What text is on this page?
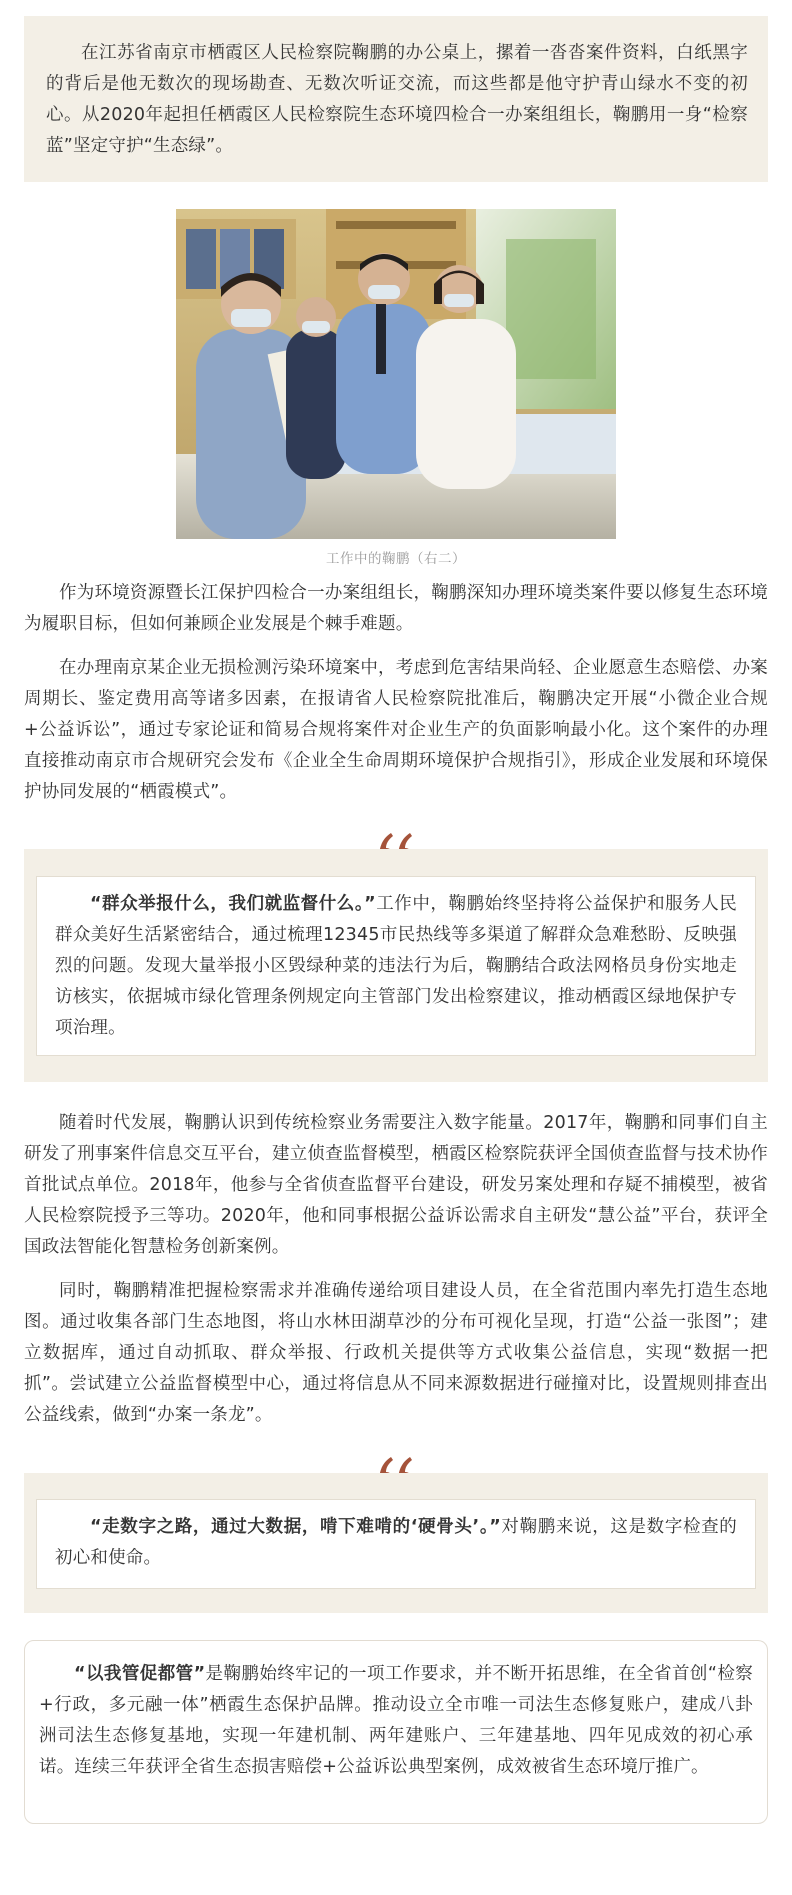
在江苏省南京市栖霞区人民检察院鞠鹏的办公桌上，摞着一沓沓案件资料，白纸黑字的背后是他无数次的现场勘查、无数次听证交流，而这些都是他守护青山绿水不变的初心。从2020年起担任栖霞区人民检察院生态环境四检合一办案组组长，鞠鹏用一身“检察蓝”坚定守护“生态绿”。

工作中的鞠鹏（右二）

作为环境资源暨长江保护四检合一办案组组长，鞠鹏深知办理环境类案件要以修复生态环境为履职目标，但如何兼顾企业发展是个棘手难题。

在办理南京某企业无损检测污染环境案中，考虑到危害结果尚轻、企业愿意生态赔偿、办案周期长、鉴定费用高等诸多因素，在报请省人民检察院批准后，鞠鹏决定开展“小微企业合规+公益诉讼”，通过专家论证和简易合规将案件对企业生产的负面影响最小化。这个案件的办理直接推动南京市合规研究会发布《企业全生命周期环境保护合规指引》，形成企业发展和环境保护协同发展的“栖霞模式”。

“群众举报什么，我们就监督什么。”工作中，鞠鹏始终坚持将公益保护和服务人民群众美好生活紧密结合，通过梳理12345市民热线等多渠道了解群众急难愁盼、反映强烈的问题。发现大量举报小区毁绿种菜的违法行为后，鞠鹏结合政法网格员身份实地走访核实，依据城市绿化管理条例规定向主管部门发出检察建议，推动栖霞区绿地保护专项治理。

随着时代发展，鞠鹏认识到传统检察业务需要注入数字能量。2017年，鞠鹏和同事们自主研发了刑事案件信息交互平台，建立侦查监督模型，栖霞区检察院获评全国侦查监督与技术协作首批试点单位。2018年，他参与全省侦查监督平台建设，研发另案处理和存疑不捕模型，被省人民检察院授予三等功。2020年，他和同事根据公益诉讼需求自主研发“慧公益”平台，获评全国政法智能化智慧检务创新案例。

同时，鞠鹏精准把握检察需求并准确传递给项目建设人员，在全省范围内率先打造生态地图。通过收集各部门生态地图，将山水林田湖草沙的分布可视化呈现，打造“公益一张图”；建立数据库，通过自动抓取、群众举报、行政机关提供等方式收集公益信息，实现“数据一把抓”。尝试建立公益监督模型中心，通过将信息从不同来源数据进行碰撞对比，设置规则排查出公益线索，做到“办案一条龙”。

“走数字之路，通过大数据，啃下难啃的‘硬骨头’。”对鞠鹏来说，这是数字检查的初心和使命。

“以我管促都管”是鞠鹏始终牢记的一项工作要求，并不断开拓思维，在全省首创“检察+行政，多元融一体”栖霞生态保护品牌。推动设立全市唯一司法生态修复账户，建成八卦洲司法生态修复基地，实现一年建机制、两年建账户、三年建基地、四年见成效的初心承诺。连续三年获评全省生态损害赔偿+公益诉讼典型案例，成效被省生态环境厅推广。
